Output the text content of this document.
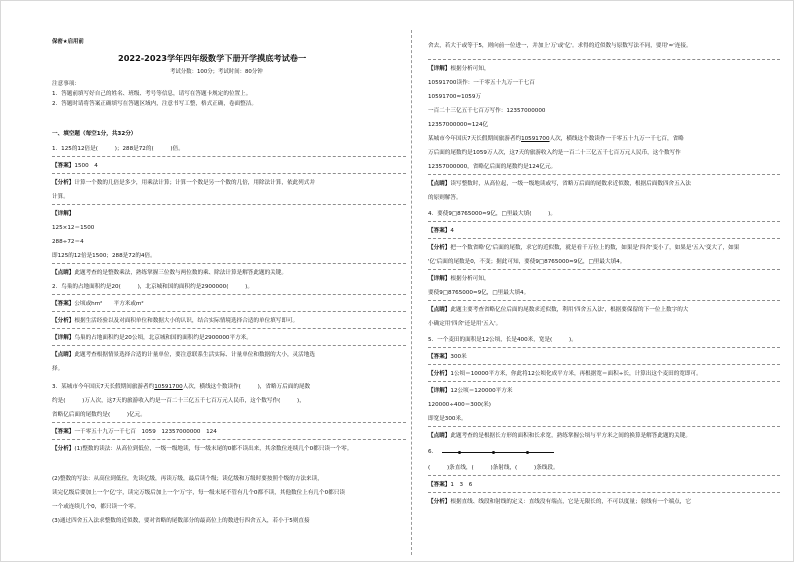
保密★启用前
2022-2023学年四年级数学下册开学摸底考试卷一
考试分数：100分；考试时间：80分钟
注意事项：
1．答题前填写好自己的姓名、班级、考号等信息，请写在答题卡规定的位置上。
2．答题时请将答案正确填写在答题区域内，注意书写工整，格式正确，卷面整洁。
一、填空题（每空1分，共32分）
1．125的12倍是(　　　)；288是72的(　　　)倍。
【答案】1500　4
【分析】计算一个数的几倍是多少，用乘法计算；计算一个数是另一个数的几倍，用除法计算，依此列式并
计算。
【详解】
125×12＝1500
288÷72＝4
即125的12倍是1500；288是72的4倍。
【点睛】此题考查的是整数乘法，熟练掌握三位数与两位数的乘、除法计算是解答此题的关键。
2．鸟巢的占地面积约是20(　　　)，北京城和国的面积约是2900000(　　　)。
【答案】公顷或hm²　　平方米或m²
【分析】根据生活经验以及对面积单位和数据大小的认识，结合实际情境选择合适的单位填写即可。
【详解】鸟巢的占地面积约是20公顷，北京城和国的面积约是2900000平方米。
【点睛】此题考查根据情景选择合适的计量单位，要注意联系生活实际、计量单位和数据的大小，灵活地选
择。
3．某城市今年国庆7天长假期间旅游者约10591700人次，横线这个数读作(　　　)，省略万后面的尾数
约是(　　　)万人次，这7天的旅游收入约是一百二十三亿五千七百万元人民币，这个数写作(　　　)，
省略亿后面的尾数约是(　　　)亿元。
【答案】一千零五十九万一千七百　1059　12357000000　124
【分析】(1)整数的读法：从高位到低位，一级一级地读，每一级末尾的0都不读出来，其余数位连续几个0都只读一个零。
(2)整数的写法：从高位到低位，先读亿级，再读万级，最后读个级；读亿级和万级时要按照个级的方法来读，
读完亿级后要加上一个'亿'字，读完万级后加上一个'万'字，每一级末尾不管有几个0都不读，其他数位上有几个0都只读
一个或连续几个0，都只读一个零。
(3)通过四舍五入法求整数的近似数，要对省略的尾数部分的最高位上的数进行四舍五入，若小于5则直接
舍去，若大于或等于5，则向前一位进一，并加上'万'或'亿'。求得的近似数与原数写法不同，要用'≈'连接。
【详解】根据分析可知，
10591700读作：一千零五十九万一千七百
10591700≈1059万
一百二十三亿五千七百万写作：12357000000
12357000000≈124亿
某城市今年国庆7天长假期间旅游者约10591700人次，横线这个数读作一千零五十九万一千七百，省略
万后面的尾数约是1059万人次，这7天的旅游收入约是一百二十三亿五千七百万元人民币，这个数写作
12357000000，省略亿后面的尾数约是124亿元。
【点睛】读写整数时，从高位起，一级一级地读或写，省略万后面的尾数求近似数，根据后面数四舍五入法
的原则解答。
4．要使9□8765000≈9亿，□里最大填(　　　)。
【答案】4
【分析】把一个数省略'亿'后面的尾数，求它的近似数，就是看千万位上的数，如果是'四舍'变小了，如果是'五入'变大了，如果
'亿'后面的尾数是0，不变；据此可知，要使9□8765000≈9亿，□里最大填4。
【详解】根据分析可知，
要使9□8765000≈9亿，□里最大填4。
【点睛】此题主要考查省略亿位后面的尾数求近似数，利用'四舍五入法'，根据要保留的下一位上数字的大
小确定用'四舍'还是用'五入'。
5．一个麦田的面积是12公顷，长是400米，宽是(　　　)。
【答案】300米
【分析】1公顷＝10000平方米，你此将12公顷化成平方米，再根据宽＝面积÷长，计算出这个麦田的宽即可。
【详解】12公顷＝120000平方米
120000÷400＝300(米)
即宽是300米。
【点睛】此题考查的是根据长方形的面积和长求宽，熟练掌握公顷与平方米之间的换算是解答此题的关键。
6．
(　　　)条直线，(　　　)条射线，(　　　)条线段。
【答案】1　3　6
【分析】根据直线、线段和射线的定义：直线没有端点，它是无限长的，不可以度量；射线有一个端点，它
